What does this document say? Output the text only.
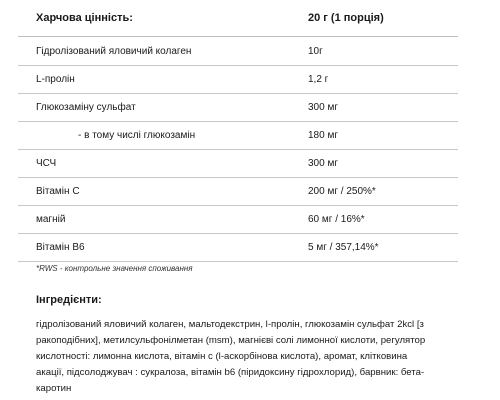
Харчова цінність:	20 г (1 порція)
Гідролізований яловичий колаген	10г
L-пролін	1,2 г
Глюкозаміну сульфат	300 мг
- в тому числі глюкозамін	180 мг
ЧСЧ	300 мг
Вітамін С	200 мг / 250%*
магній	60 мг / 16%*
Вітамін В6	5 мг / 357,14%*

*RWS - контрольне значення споживання

Інгредієнти:

гідролізований яловичий колаген, мальтодекстрин, l-пролін, глюкозамін сульфат 2kcl [з
ракоподібних], метилсульфонілметан (msm), магнієві солі лимонної кислоти, регулятор
кислотності: лимонна кислота, вітамін с (l-аскорбінова кислота), аромат, клітковина
акації, підсолоджувач : сукралоза, вітамін b6 (піридоксину гідрохлорид), барвник: бета-
каротин
